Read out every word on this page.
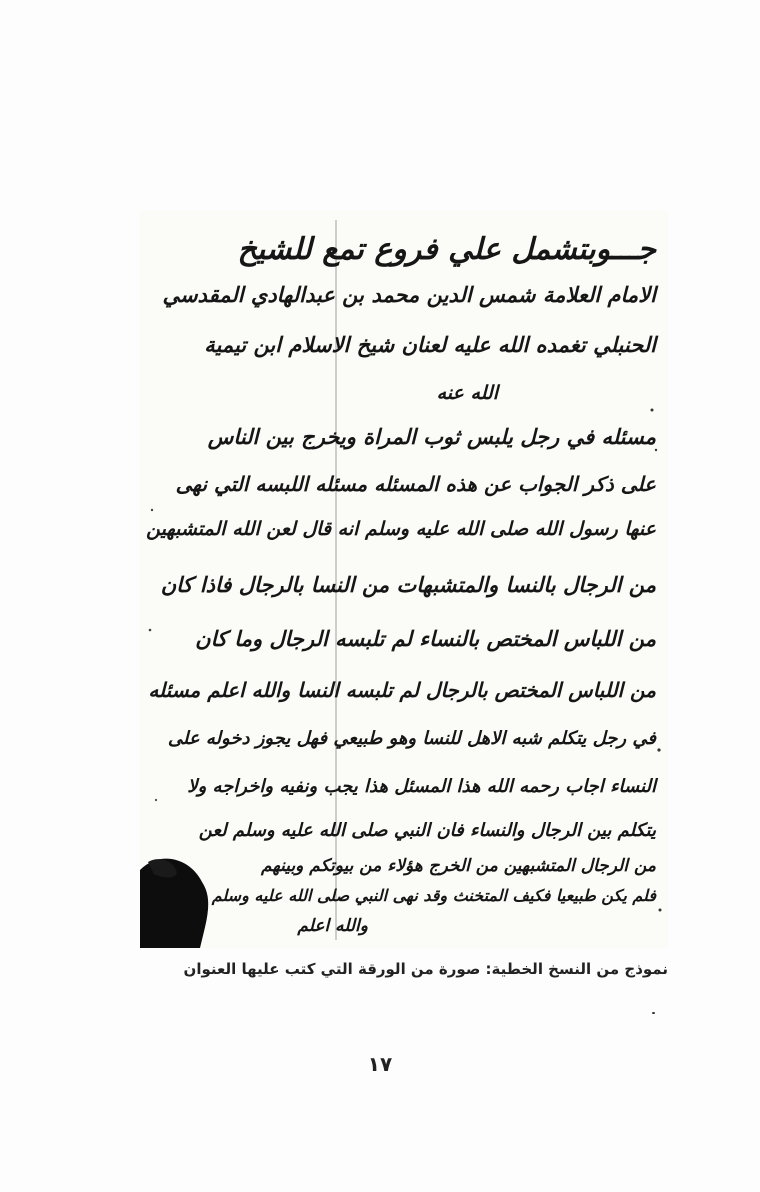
جـــوبتشمل علي فروع تمع للشيخ
الامام العلامة شمس الدين محمد بن عبدالهادي المقدسي
الحنبلي تغمده الله عليه لعنان شيخ الاسلام ابن تيمية
الله عنه
مسئله في رجل يلبس ثوب المراة ويخرج بين الناس
على ذكر الجواب عن هذه المسئله مسئله اللبسه التي نهى
عنها رسول الله صلى الله عليه وسلم انه قال لعن الله المتشبهين
من الرجال بالنسا والمتشبهات من النسا بالرجال فاذا كان
من اللباس المختص بالنساء لم تلبسه الرجال وما كان
من اللباس المختص بالرجال لم تلبسه النسا والله اعلم مسئله
في رجل يتكلم شبه الاهل للنسا وهو طبيعي فهل يجوز دخوله على
النساء اجاب رحمه الله هذا المسئل هذا يجب ونفيه واخراجه ولا
يتكلم بين الرجال والنساء فان النبي صلى الله عليه وسلم لعن
من الرجال المتشبهين من الخرج هؤلاء من بيوتكم وبينهم
فلم يكن طبيعيا فكيف المتخنث وقد نهى النبي صلى الله عليه وسلم
والله اعلم
نموذج من النسخ الخطية: صورة من الورقة التي كتب عليها العنوان
١٧
